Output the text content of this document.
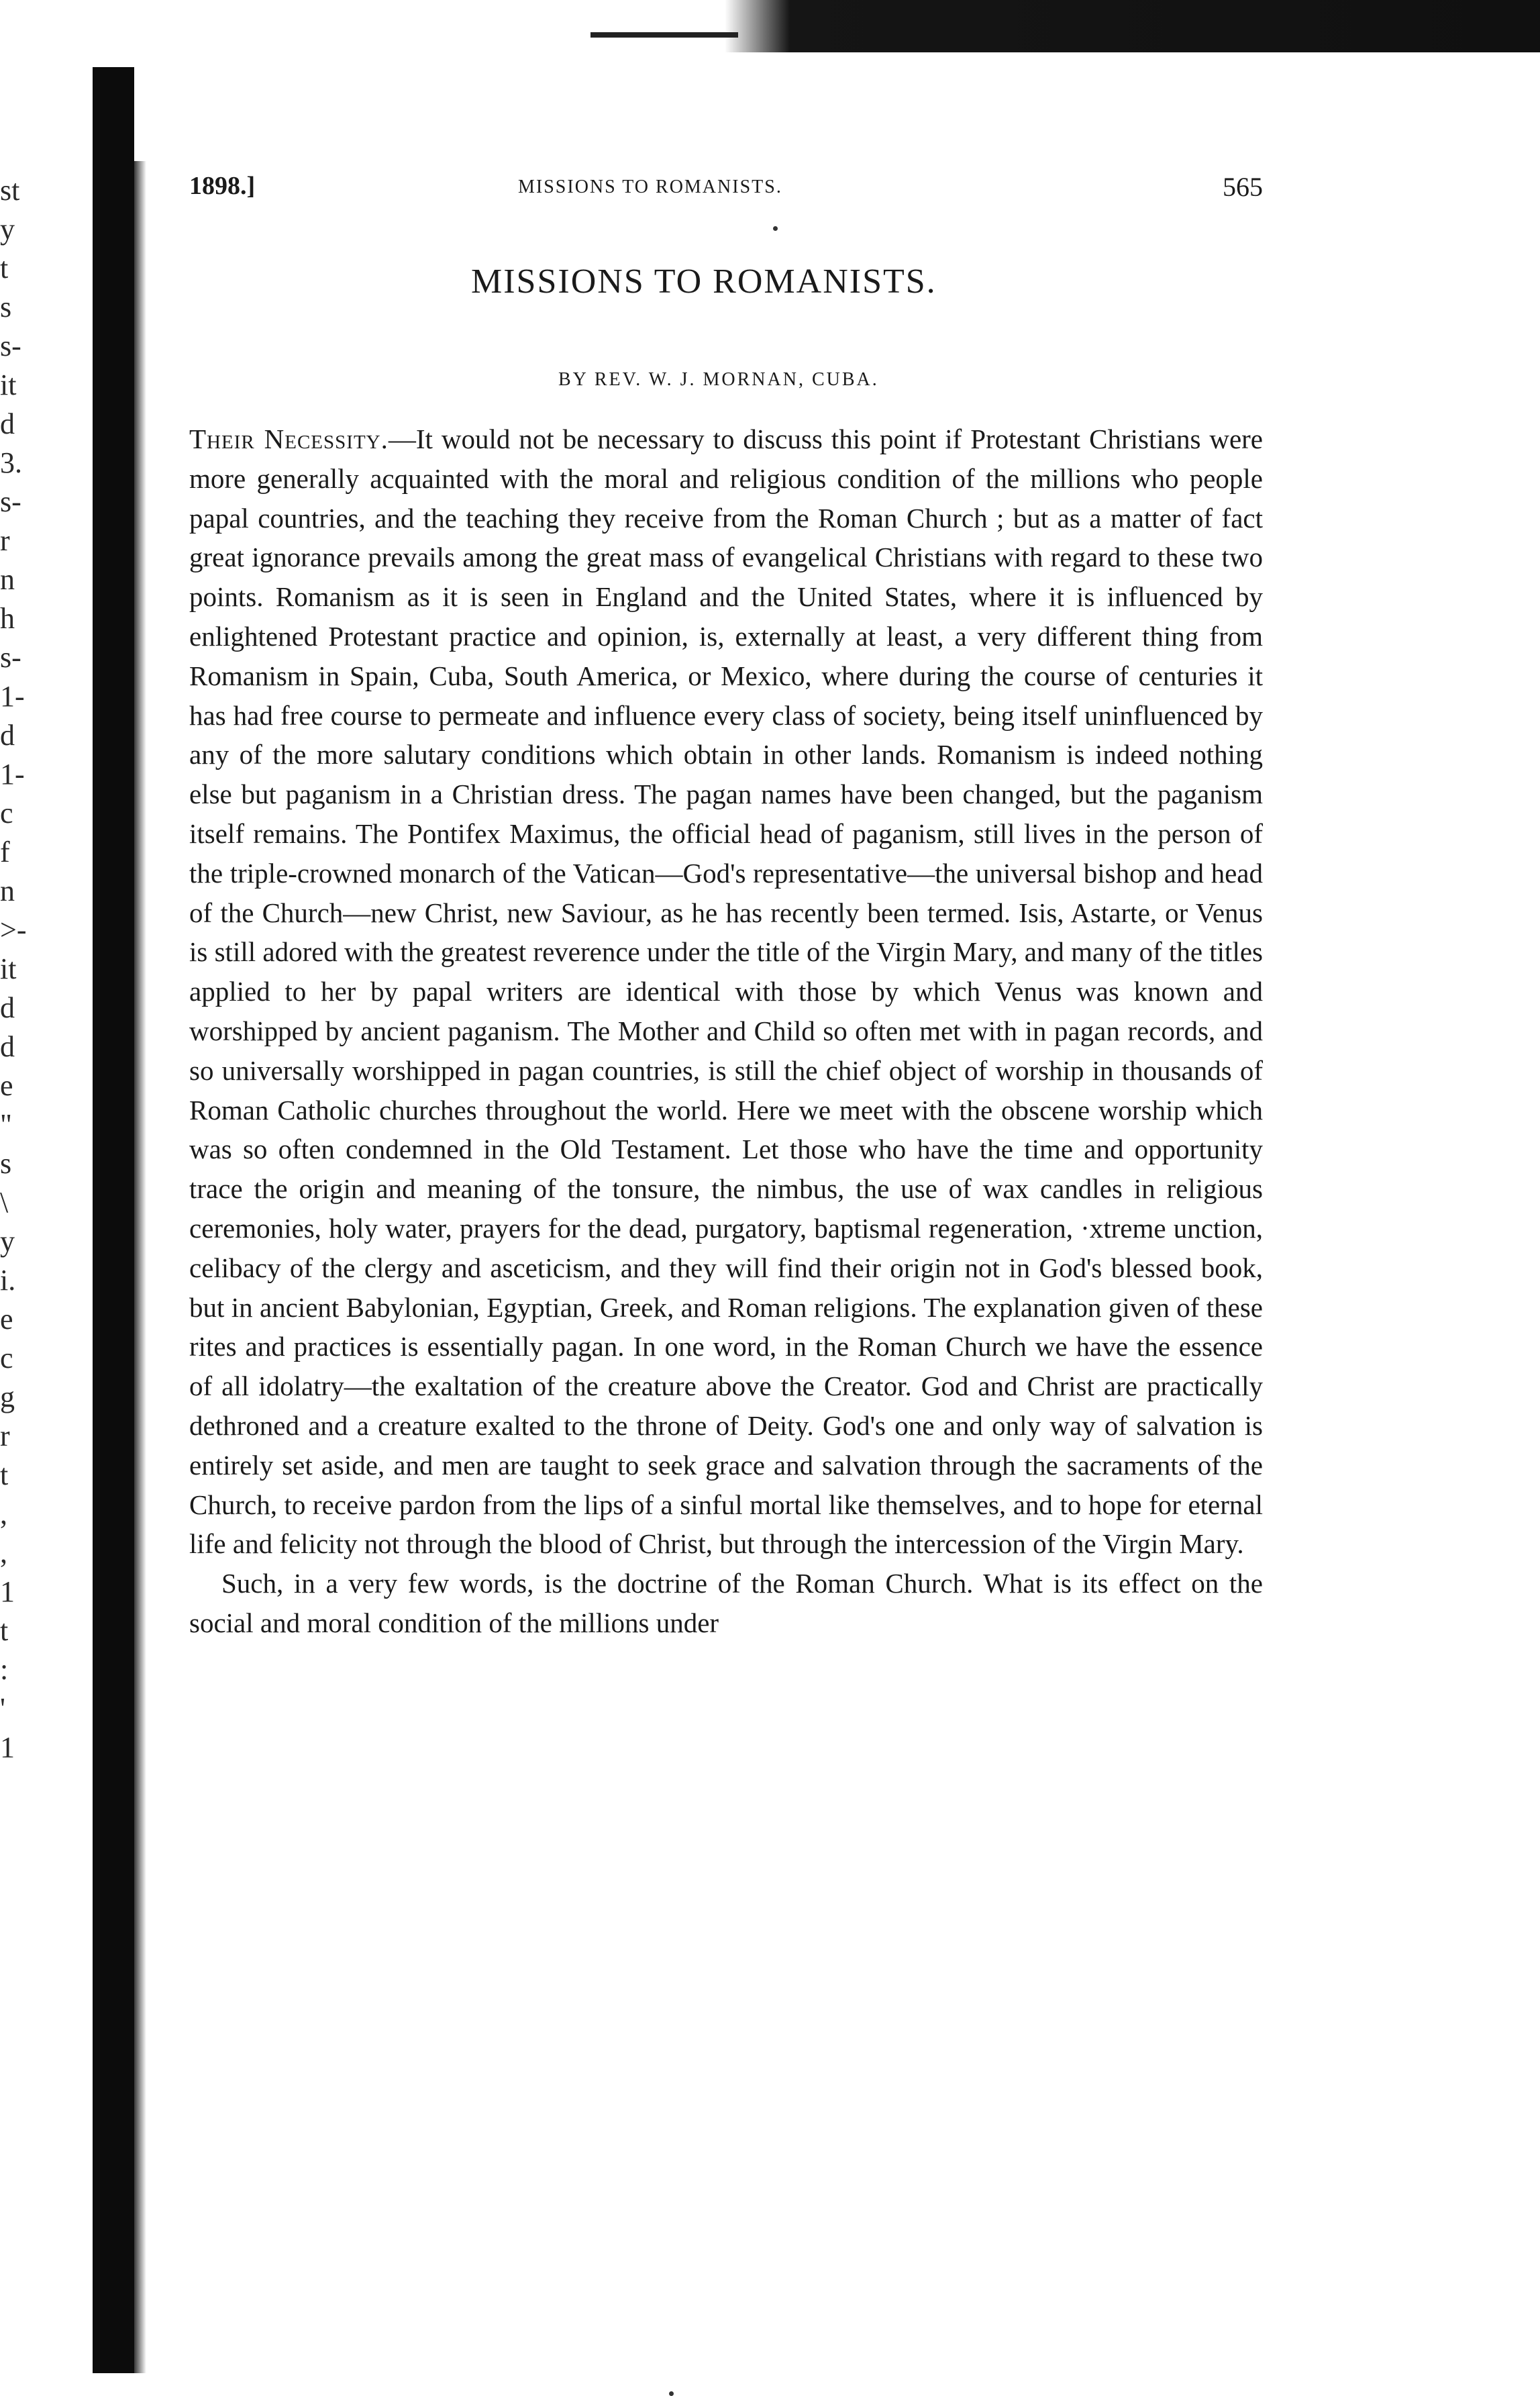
st
y
t
s
s-
it
d
3.
s-
r
n
h
s-
1-
d
1-
c
f
n
>-
it
d
d
e
"
s
\
y
i.
e
c
g
r
t
,
,
1
t
:
'
1
1898.]	MISSIONS TO ROMANISTS.	565
MISSIONS TO ROMANISTS.
BY REV. W. J. MORNAN, CUBA.

Their Necessity.—It would not be necessary to discuss this point if Protestant Christians were more generally acquainted with the moral and religious condition of the millions who people papal countries, and the teaching they receive from the Roman Church ; but as a matter of fact great ignorance prevails among the great mass of evangelical Christians with regard to these two points. Romanism as it is seen in England and the United States, where it is influenced by enlightened Protestant practice and opinion, is, externally at least, a very different thing from Romanism in Spain, Cuba, South America, or Mexico, where during the course of centuries it has had free course to permeate and influence every class of society, being itself uninfluenced by any of the more salutary conditions which obtain in other lands. Romanism is indeed nothing else but paganism in a Christian dress. The pagan names have been changed, but the paganism itself remains. The Pontifex Maximus, the official head of paganism, still lives in the person of the triple-crowned monarch of the Vatican—God's representative—the universal bishop and head of the Church—new Christ, new Saviour, as he has recently been termed. Isis, Astarte, or Venus is still adored with the greatest reverence under the title of the Virgin Mary, and many of the titles applied to her by papal writers are identical with those by which Venus was known and worshipped by ancient paganism. The Mother and Child so often met with in pagan records, and so universally worshipped in pagan countries, is still the chief object of worship in thousands of Roman Catholic churches throughout the world. Here we meet with the obscene worship which was so often condemned in the Old Testament. Let those who have the time and opportunity trace the origin and meaning of the tonsure, the nimbus, the use of wax candles in religious ceremonies, holy water, prayers for the dead, purgatory, baptismal regeneration, ·xtreme unction, celibacy of the clergy and asceticism, and they will find their origin not in God's blessed book, but in ancient Babylonian, Egyptian, Greek, and Roman religions. The explanation given of these rites and practices is essentially pagan. In one word, in the Roman Church we have the essence of all idolatry—the exaltation of the creature above the Creator. God and Christ are practically dethroned and a creature exalted to the throne of Deity. God's one and only way of salvation is entirely set aside, and men are taught to seek grace and salvation through the sacraments of the Church, to receive pardon from the lips of a sinful mortal like themselves, and to hope for eternal life and felicity not through the blood of Christ, but through the intercession of the Virgin Mary.

Such, in a very few words, is the doctrine of the Roman Church. What is its effect on the social and moral condition of the millions under
